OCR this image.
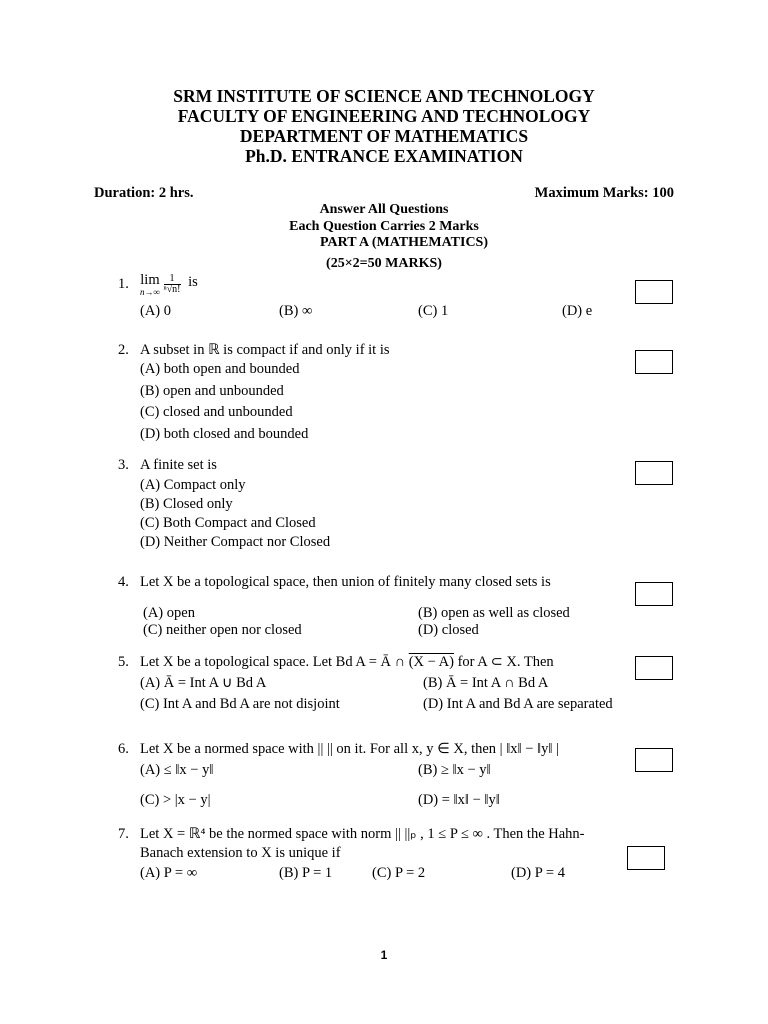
SRM INSTITUTE OF SCIENCE AND TECHNOLOGY
FACULTY OF ENGINEERING AND TECHNOLOGY
DEPARTMENT OF MATHEMATICS
Ph.D. ENTRANCE EXAMINATION
Duration: 2 hrs.	Maximum Marks: 100
Answer All Questions
Each Question Carries 2 Marks
PART A (MATHEMATICS)
(25×2=50 MARKS)
1. lim
n→∞
$\frac{1}{\text{ⁿ√n!}}$ is
(A) 0	(B) ∞	(C) 1	(D) e
2. A subset in ℝ is compact if and only if it is
(A) both open and bounded
(B) open and unbounded
(C) closed and unbounded
(D) both closed and bounded
3. A finite set is
(A) Compact only
(B) Closed only
(C) Both Compact and Closed
(D) Neither Compact nor Closed
4. Let X be a topological space, then union of finitely many closed sets is
(A) open	(B) open as well as closed
(C) neither open nor closed	(D) closed
5. Let X be a topological space. Let Bd A = Ā ∩ (X − A) for A ⊂ X. Then
(A) Ā = Int A ∪ Bd A	(B) Ā = Int A ∩ Bd A
(C) Int A and Bd A are not disjoint	(D) Int A and Bd A are separated
6. Let X be a normed space with || || on it. For all x, y ∈ X, then | ‖x‖ − ‖y‖ |
(A) ≤ ‖x − y‖	(B) ≥ ‖x − y‖
(C) > |x − y|	(D) = ‖x‖ − ‖y‖
7. Let X = ℝ⁴ be the normed space with norm || ||ₚ , 1 ≤ P ≤ ∞ . Then the Hahn-
Banach extension to X is unique if
(A) P = ∞	(B) P = 1	(C) P = 2	(D) P = 4
1
